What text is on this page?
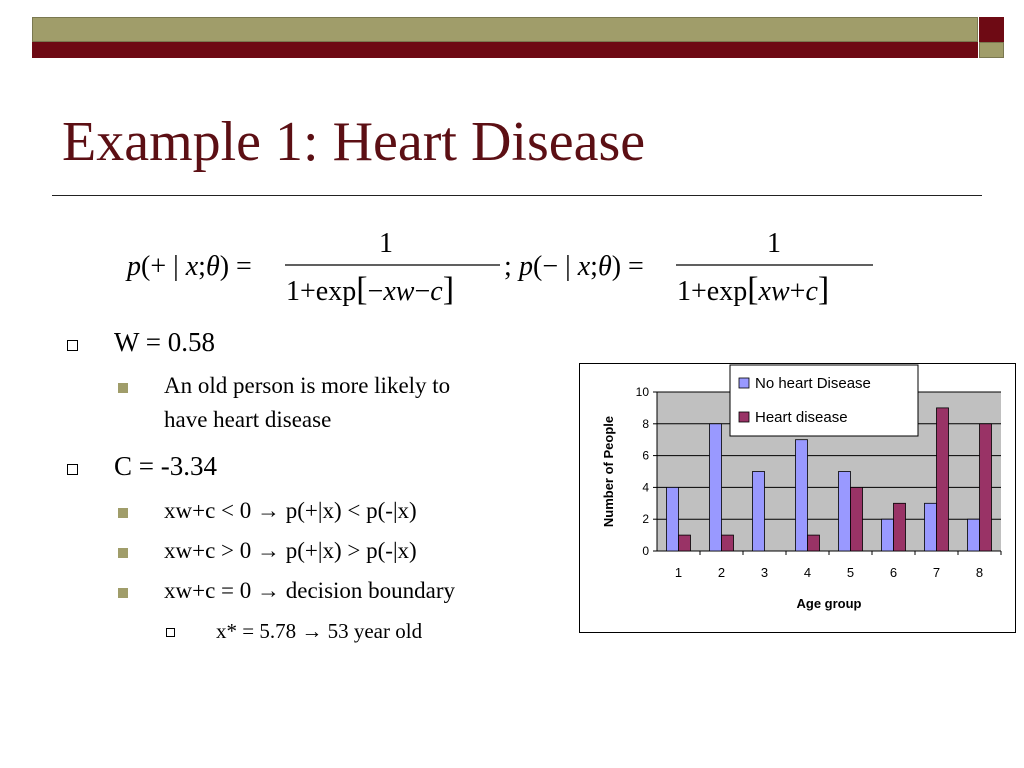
Example 1: Heart Disease
p(+ | x;θ) =
1
1+exp[−xw−c]
; p(− | x;θ) =
1
1+exp[xw+c]
W = 0.58
An old person is more likely to
have heart disease
C = -3.34
xw+c < 0 → p(+|x) < p(-|x)
xw+c > 0 → p(+|x) > p(-|x)
xw+c = 0 → decision boundary
x* = 5.78 → 53 year old
0
2
4
6
8
10
1	2	3	4	5	6	7	8
Age group
Number of People
No heart Disease
Heart disease
